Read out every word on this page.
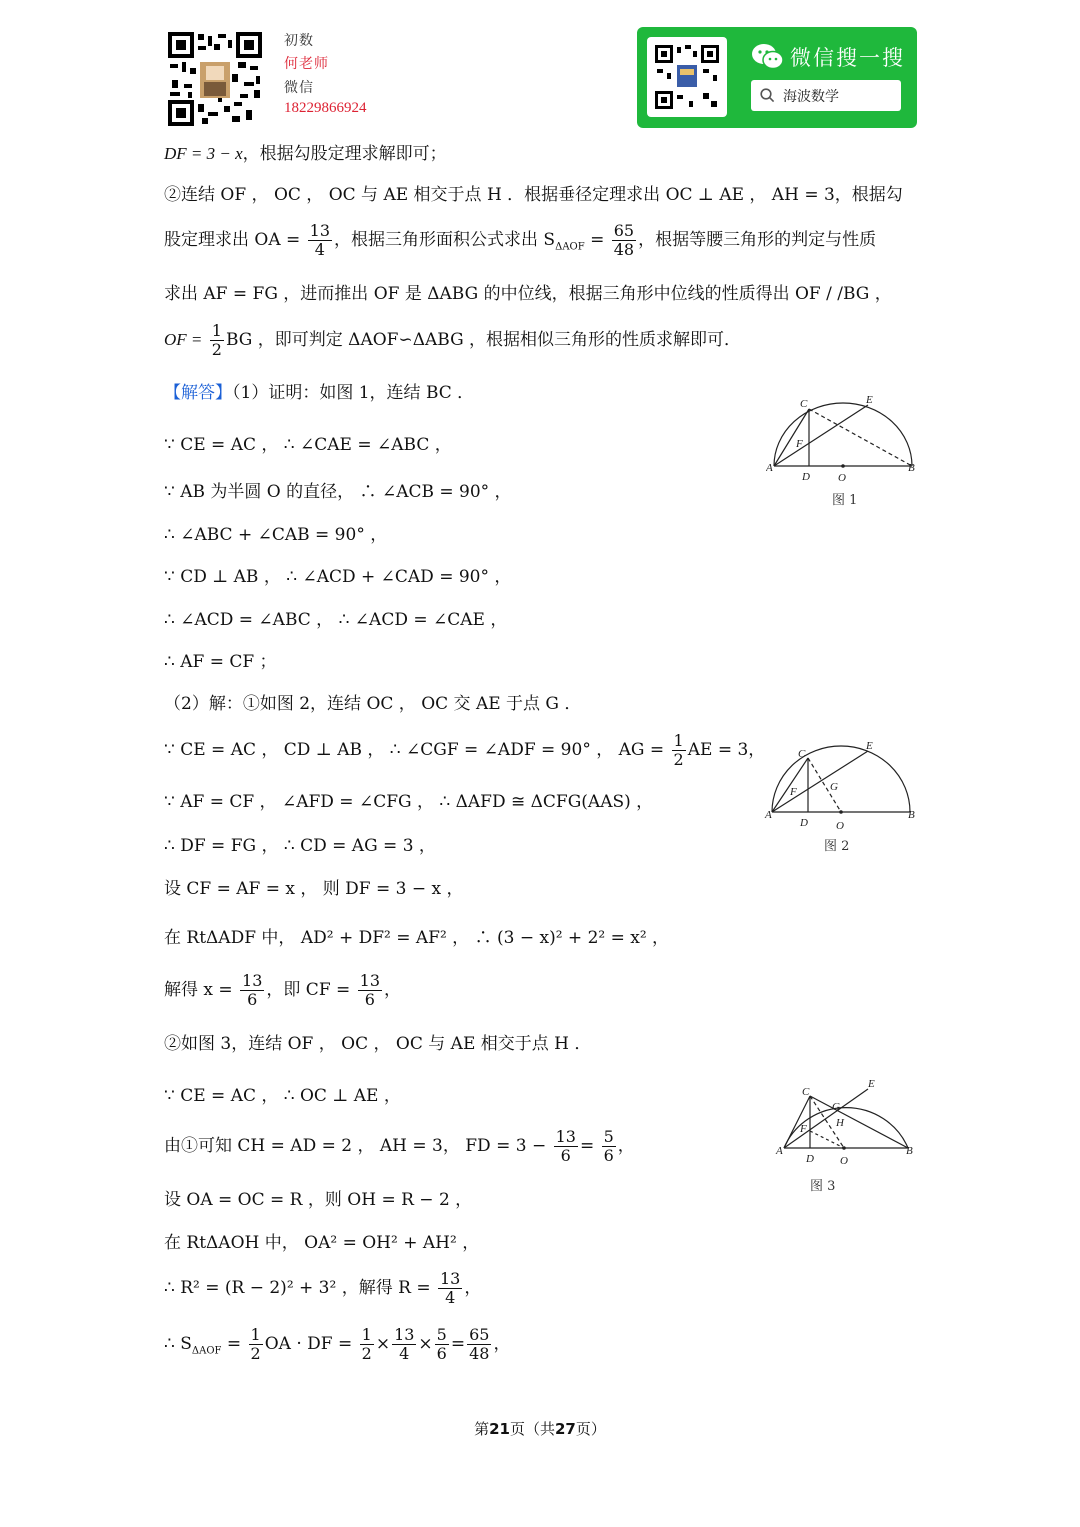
初数
何老师
微信
18229866924
微信搜一搜
海波数学
DF = 3 − x，根据勾股定理求解即可；
②连结 OF ， OC ， OC 与 AE 相交于点 H ．根据垂径定理求出 OC ⊥ AE ， AH = 3，根据勾
股定理求出 OA = $\frac{13}{4}$ ，根据三角形面积公式求出 $S_{\Delta AOF} = \frac{65}{48}$ ，根据等腰三角形的判定与性质
求出 AF = FG ，进而推出 OF 是 ΔABG 的中位线，根据三角形中位线的性质得出 OF / /BG ，
OF = $\frac{1}{2}$ BG ，即可判定 ΔAOF∽ΔABG ，根据相似三角形的性质求解即可．
【解答】（1）证明：如图 1，连结 BC ．
∵ CE = AC ， ∴ ∠CAE = ∠ABC ，
∵ AB 为半圆 O 的直径， ∴ ∠ACB = 90° ，
∴ ∠ABC + ∠CAB = 90° ，
∵ CD ⊥ AB ， ∴ ∠ACD + ∠CAD = 90° ，
∴ ∠ACD = ∠ABC ， ∴ ∠ACD = ∠CAE ，
∴ AF = CF ；
（2）解：①如图 2，连结 OC ， OC 交 AE 于点 G ．
∵ CE = AC ， CD ⊥ AB ， ∴ ∠CGF = ∠ADF = 90° ， AG = $\frac{1}{2}$ AE = 3，
∵ AF = CF ， ∠AFD = ∠CFG ， ∴ ΔAFD ≅ ΔCFG(AAS) ，
∴ DF = FG ， ∴ CD = AG = 3 ，
设 CF = AF = x ， 则 DF = 3 − x ，
在 RtΔADF 中， AD² + DF² = AF² ， ∴ (3 − x)² + 2² = x² ，
解得 $x = \frac{13}{6}$ ，即 CF = $\frac{13}{6}$ ，
②如图 3，连结 OF ， OC ， OC 与 AE 相交于点 H ．
∵ CE = AC ， ∴ OC ⊥ AE ，
由①可知 CH = AD = 2 ， AH = 3， FD = $3 - \frac{13}{6} = \frac{5}{6}$ ，
设 OA = OC = R ，则 OH = R − 2 ，
在 RtΔAOH 中， OA² = OH² + AH² ，
∴ R² = (R − 2)² + 3² ，解得 $R = \frac{13}{4}$ ，
∴ $S_{\Delta AOF} = \frac{1}{2}$ OA · DF = $\frac{1}{2} \times \frac{13}{4} \times \frac{5}{6} = \frac{65}{48}$ ，
C	E
F
A
D	O
B
图 1
C
E
F	G
A
D	O
B
图 2
C
E
G
H
F
A
D O
B
图 3
第21页（共27页）
